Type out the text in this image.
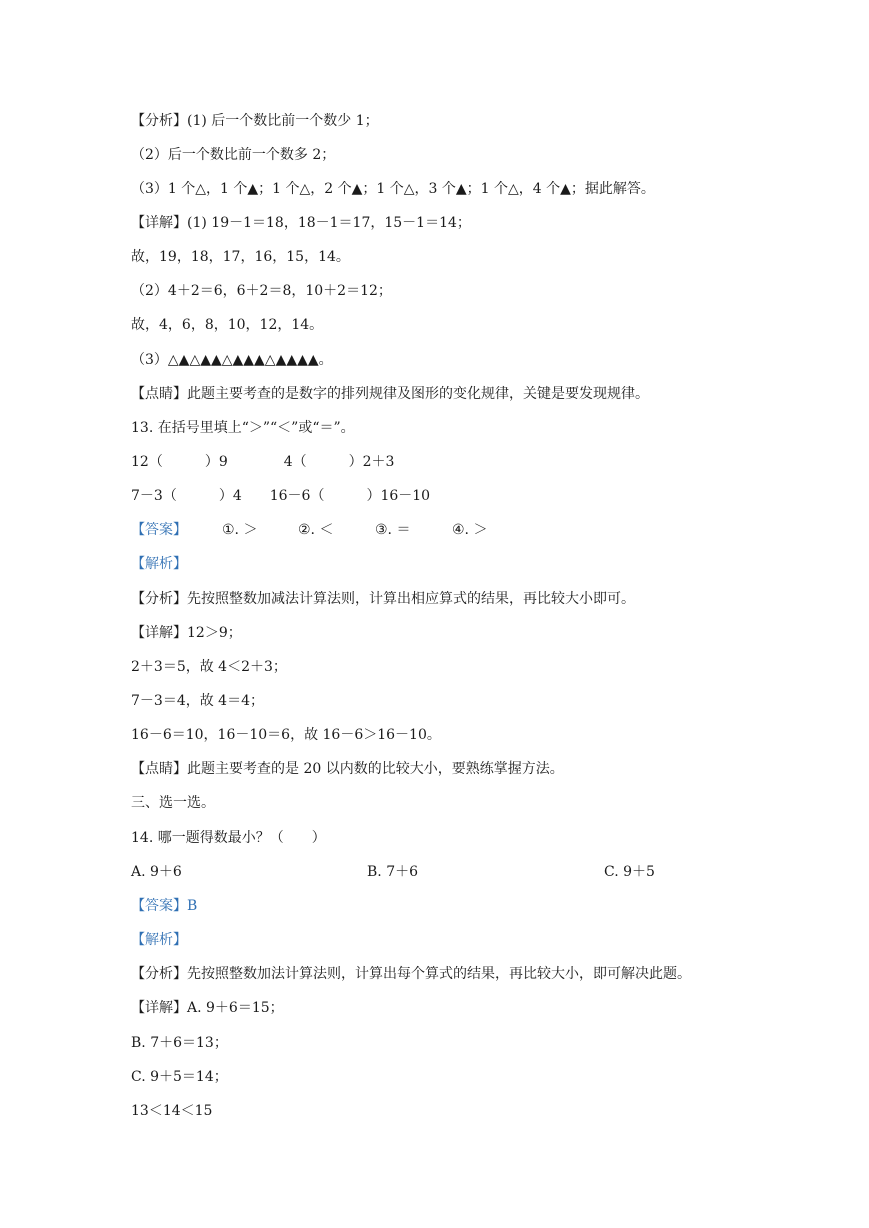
【分析】(1) 后一个数比前一个数少 1；
（2）后一个数比前一个数多 2；
（3）1 个△，1 个▲；1 个△，2 个▲；1 个△，3 个▲；1 个△，4 个▲；据此解答。
【详解】(1) 19－1＝18，18－1＝17，15－1＝14；
故，19，18，17，16，15，14。
（2）4＋2＝6，6＋2＝8，10＋2＝12；
故，4，6，8，10，12，14。
（3）△▲△▲▲△▲▲▲△▲▲▲▲。
【点睛】此题主要考查的是数字的排列规律及图形的变化规律，关键是要发现规律。
13. 在括号里填上“＞”“＜”或“＝”。
12（　　　）9　　　　4（　　　）2＋3
7－3（　　　）4　　16－6（　　　）16－10
【答案】	①. ＞	②. ＜	③. ＝	④. ＞
【解析】
【分析】先按照整数加减法计算法则，计算出相应算式的结果，再比较大小即可。
【详解】12＞9；
2＋3＝5，故 4＜2＋3；
7－3＝4，故 4＝4；
16－6＝10，16－10＝6，故 16－6＞16－10。
【点睛】此题主要考查的是 20 以内数的比较大小，要熟练掌握方法。
三、选一选。
14. 哪一题得数最小？（　　）
A. 9＋6	B. 7＋6	C. 9＋5
【答案】B
【解析】
【分析】先按照整数加法计算法则，计算出每个算式的结果，再比较大小，即可解决此题。
【详解】A. 9＋6＝15；
B. 7＋6＝13；
C. 9＋5＝14；
13＜14＜15
